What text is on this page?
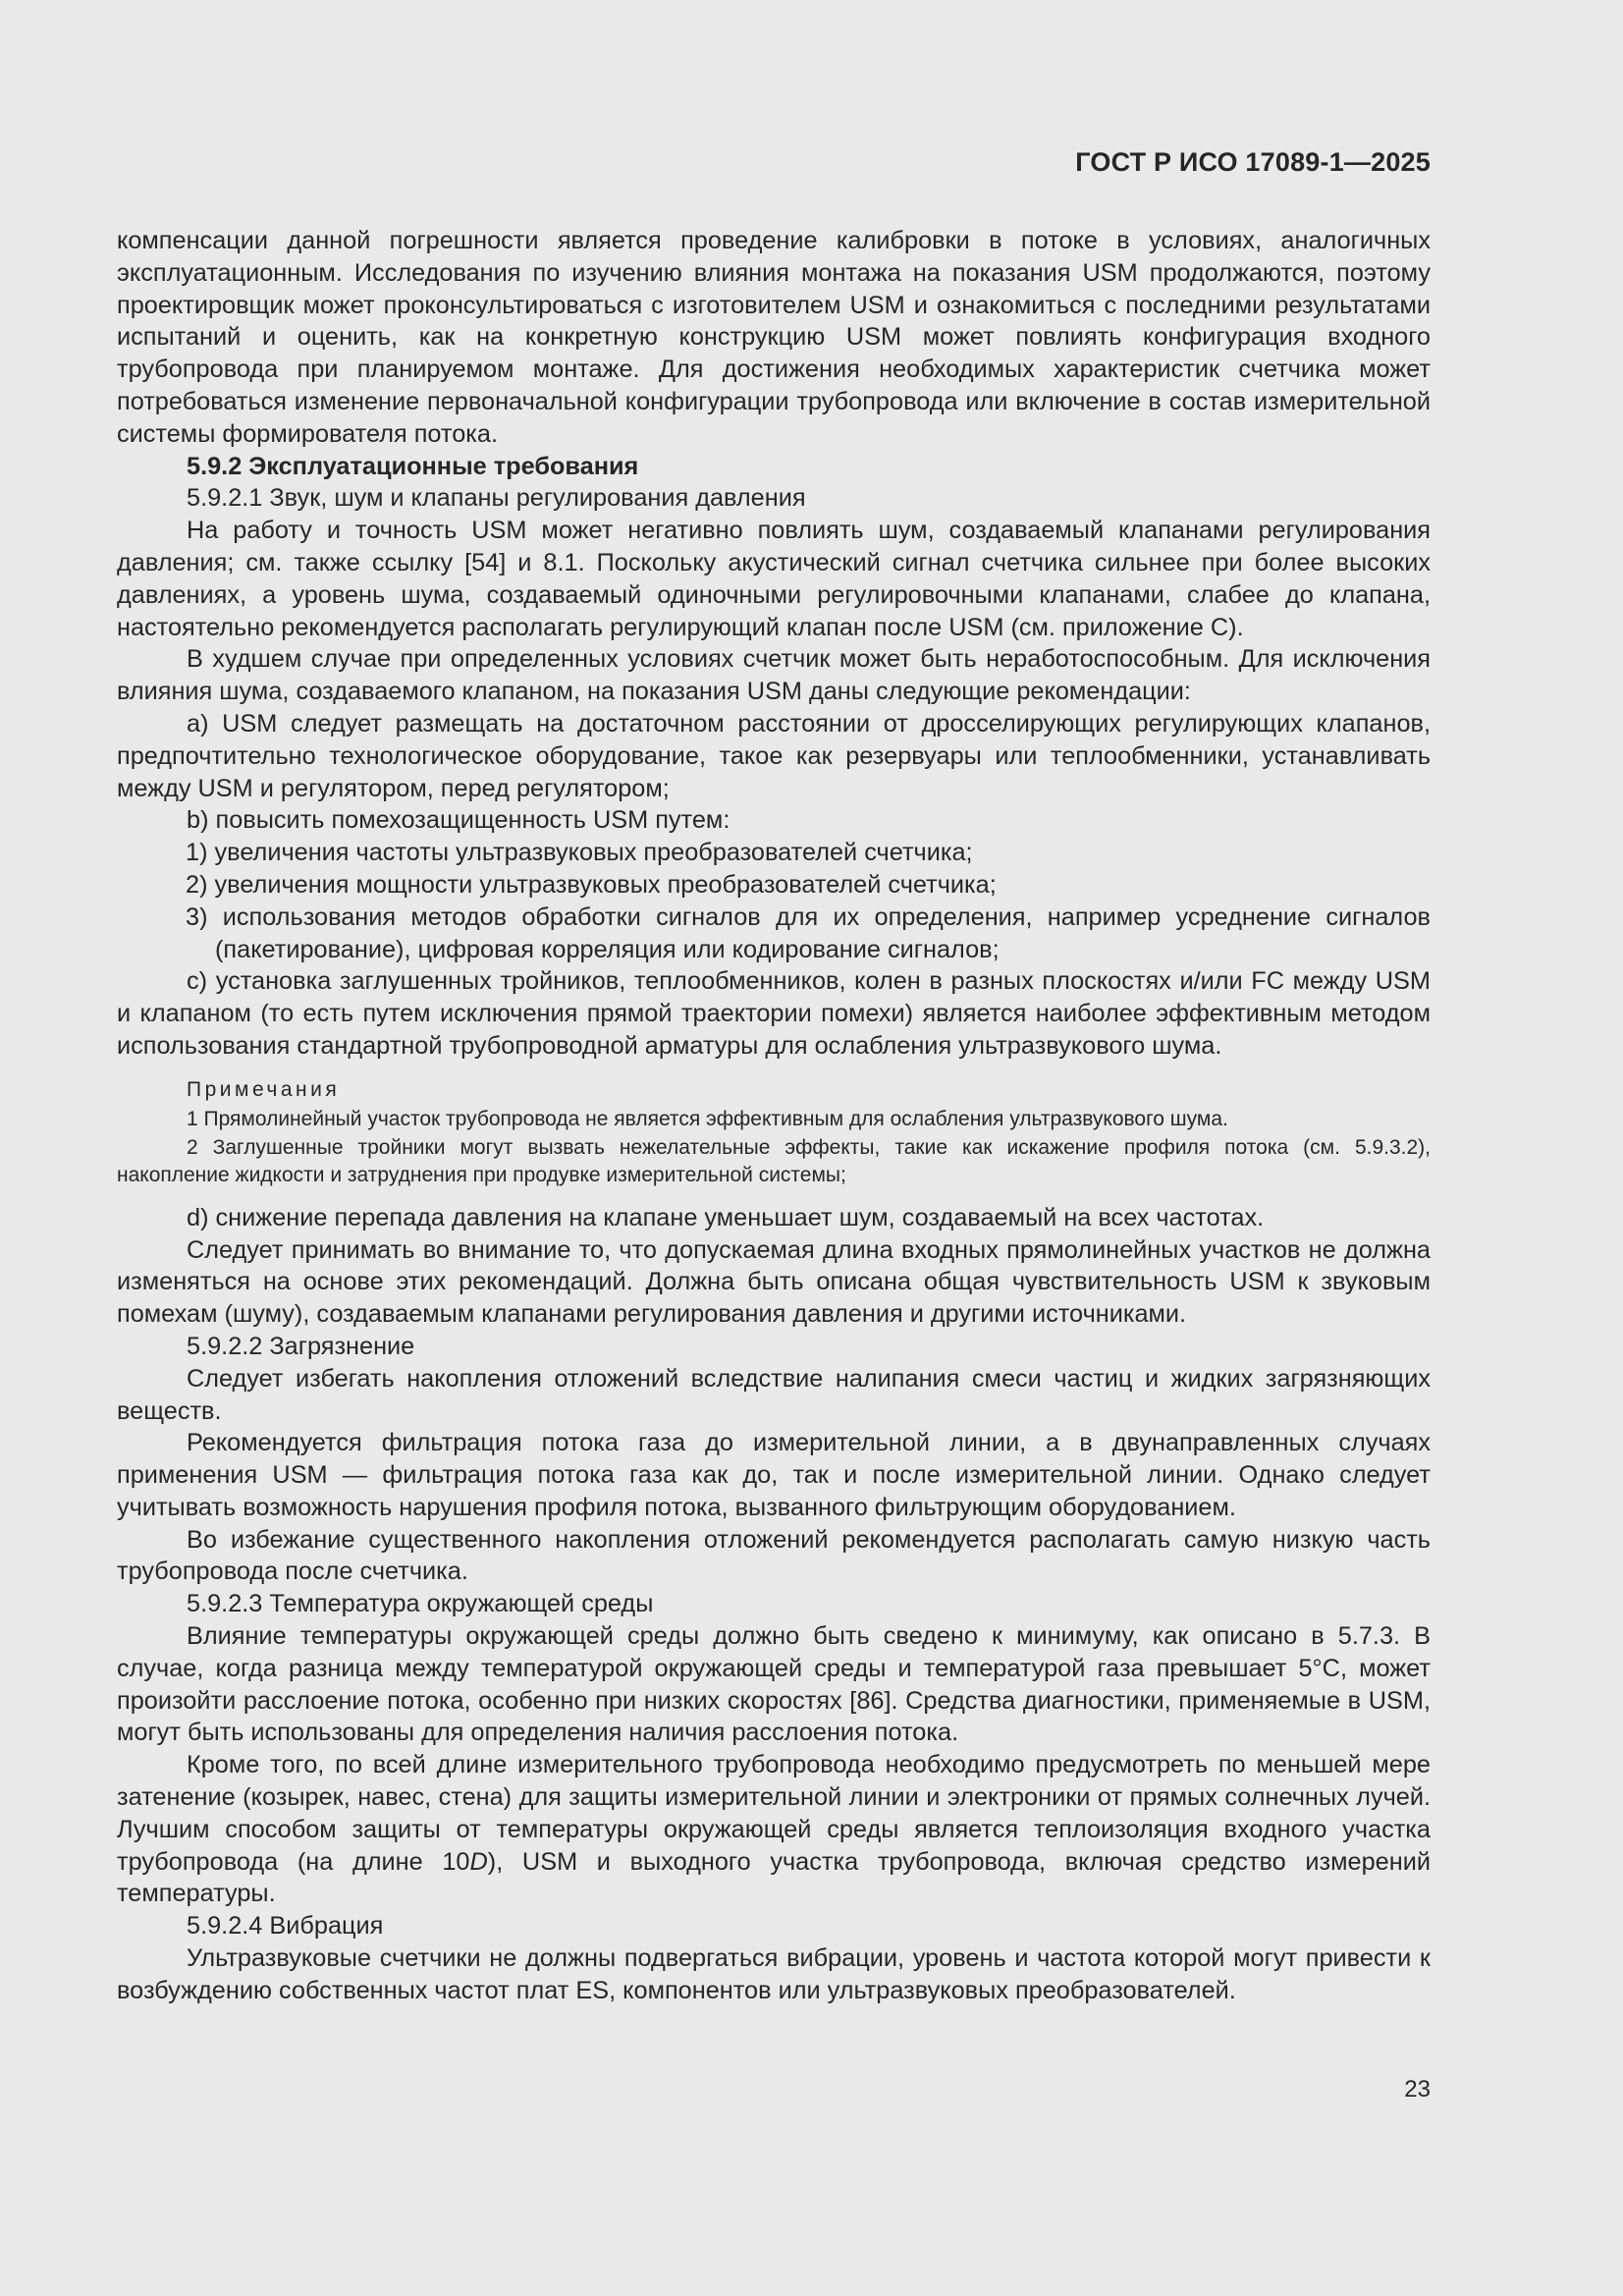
ГОСТ Р ИСО 17089-1—2025

компенсации данной погрешности является проведение калибровки в потоке в условиях, аналогичных эксплуатационным. Исследования по изучению влияния монтажа на показания USM продолжаются, поэтому проектировщик может проконсультироваться с изготовителем USM и ознакомиться с последними результатами испытаний и оценить, как на конкретную конструкцию USM может повлиять конфигурация входного трубопровода при планируемом монтаже. Для достижения необходимых характеристик счетчика может потребоваться изменение первоначальной конфигурации трубопровода или включение в состав измерительной системы формирователя потока.

5.9.2 Эксплуатационные требования

5.9.2.1 Звук, шум и клапаны регулирования давления

На работу и точность USM может негативно повлиять шум, создаваемый клапанами регулирования давления; см. также ссылку [54] и 8.1. Поскольку акустический сигнал счетчика сильнее при более высоких давлениях, а уровень шума, создаваемый одиночными регулировочными клапанами, слабее до клапана, настоятельно рекомендуется располагать регулирующий клапан после USM (см. приложение C).

В худшем случае при определенных условиях счетчик может быть неработоспособным. Для исключения влияния шума, создаваемого клапаном, на показания USM даны следующие рекомендации:

a) USM следует размещать на достаточном расстоянии от дросселирующих регулирующих клапанов, предпочтительно технологическое оборудование, такое как резервуары или теплообменники, устанавливать между USM и регулятором, перед регулятором;

b) повысить помехозащищенность USM путем:

1) увеличения частоты ультразвуковых преобразователей счетчика;

2) увеличения мощности ультразвуковых преобразователей счетчика;

3) использования методов обработки сигналов для их определения, например усреднение сигналов (пакетирование), цифровая корреляция или кодирование сигналов;

c) установка заглушенных тройников, теплообменников, колен в разных плоскостях и/или FC между USM и клапаном (то есть путем исключения прямой траектории помехи) является наиболее эффективным методом использования стандартной трубопроводной арматуры для ослабления ультразвукового шума.

Примечания

1 Прямолинейный участок трубопровода не является эффективным для ослабления ультразвукового шума.

2 Заглушенные тройники могут вызвать нежелательные эффекты, такие как искажение профиля потока (см. 5.9.3.2), накопление жидкости и затруднения при продувке измерительной системы;

d) снижение перепада давления на клапане уменьшает шум, создаваемый на всех частотах.

Следует принимать во внимание то, что допускаемая длина входных прямолинейных участков не должна изменяться на основе этих рекомендаций. Должна быть описана общая чувствительность USM к звуковым помехам (шуму), создаваемым клапанами регулирования давления и другими источниками.

5.9.2.2 Загрязнение

Следует избегать накопления отложений вследствие налипания смеси частиц и жидких загрязняющих веществ.

Рекомендуется фильтрация потока газа до измерительной линии, а в двунаправленных случаях применения USM — фильтрация потока газа как до, так и после измерительной линии. Однако следует учитывать возможность нарушения профиля потока, вызванного фильтрующим оборудованием.

Во избежание существенного накопления отложений рекомендуется располагать самую низкую часть трубопровода после счетчика.

5.9.2.3 Температура окружающей среды

Влияние температуры окружающей среды должно быть сведено к минимуму, как описано в 5.7.3. В случае, когда разница между температурой окружающей среды и температурой газа превышает 5°C, может произойти расслоение потока, особенно при низких скоростях [86]. Средства диагностики, применяемые в USM, могут быть использованы для определения наличия расслоения потока.

Кроме того, по всей длине измерительного трубопровода необходимо предусмотреть по меньшей мере затенение (козырек, навес, стена) для защиты измерительной линии и электроники от прямых солнечных лучей. Лучшим способом защиты от температуры окружающей среды является теплоизоляция входного участка трубопровода (на длине 10D), USM и выходного участка трубопровода, включая средство измерений температуры.

5.9.2.4 Вибрация

Ультразвуковые счетчики не должны подвергаться вибрации, уровень и частота которой могут привести к возбуждению собственных частот плат ES, компонентов или ультразвуковых преобразователей.

23
